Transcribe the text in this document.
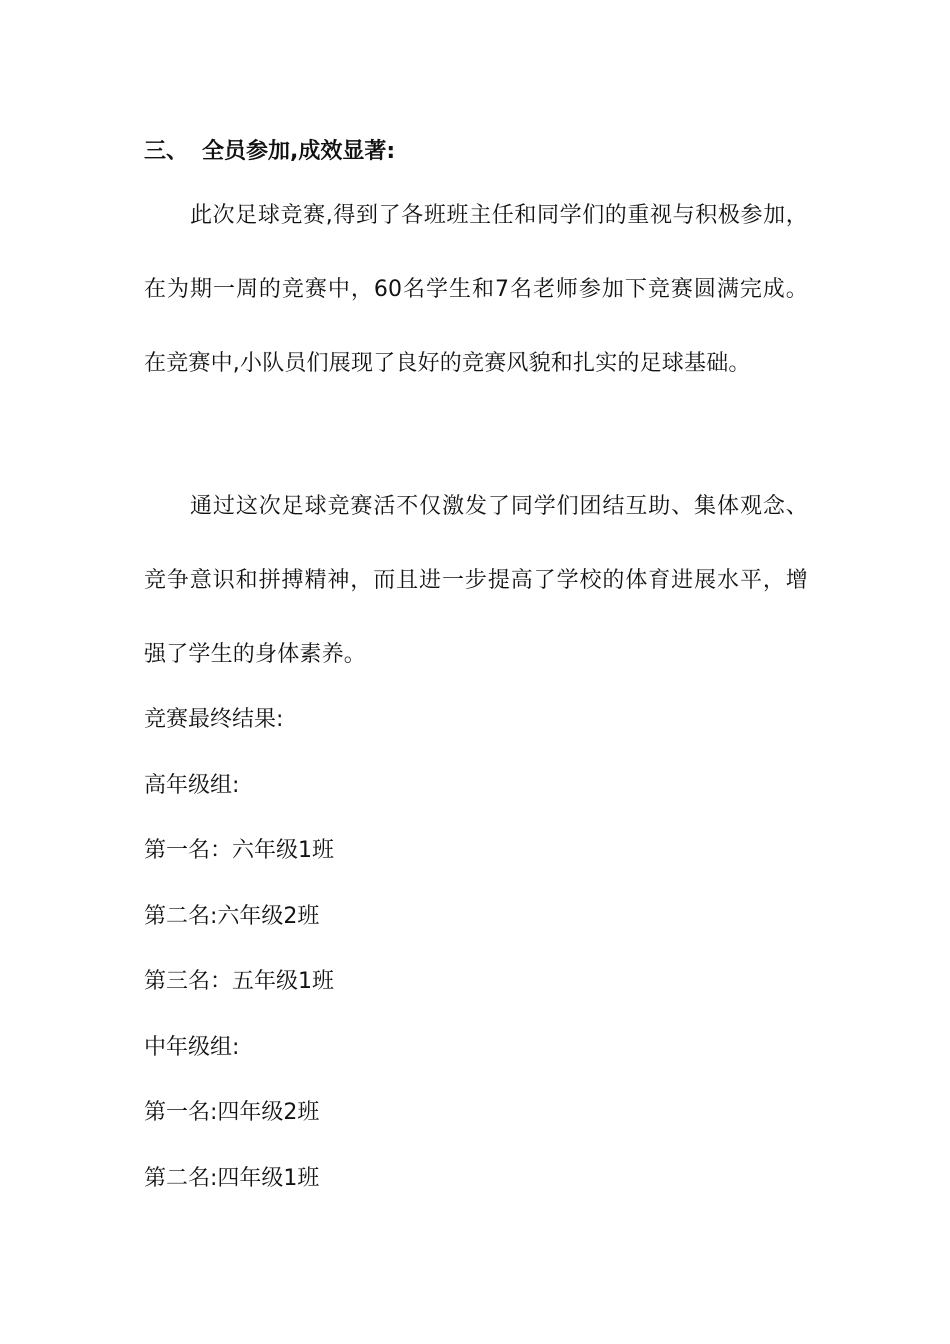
三、 全员参加,成效显著:

此次足球竞赛,得到了各班班主任和同学们的重视与积极参加，在为期一周的竞赛中，60名学生和7名老师参加下竞赛圆满完成。在竞赛中,小队员们展现了良好的竞赛风貌和扎实的足球基础。

通过这次足球竞赛活不仅激发了同学们团结互助、集体观念、竞争意识和拼搏精神，而且进一步提高了学校的体育进展水平，增强了学生的身体素养。

竞赛最终结果:
高年级组:
第一名：六年级1班
第二名:六年级2班
第三名：五年级1班
中年级组:
第一名:四年级2班
第二名:四年级1班
